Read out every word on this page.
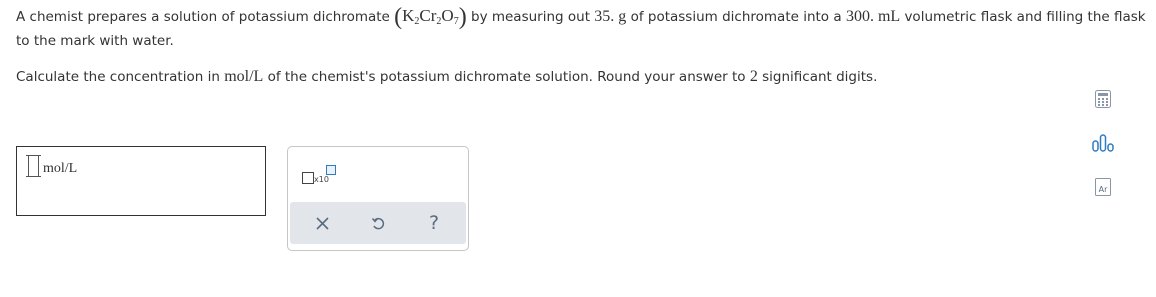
A chemist prepares a solution of potassium dichromate $(K_2Cr_2O_7)$ by measuring out 35. g of potassium dichromate into a 300. mL volumetric flask and filling the flask to the mark with water.

Calculate the concentration in mol/L of the chemist's potassium dichromate solution. Round your answer to 2 significant digits.

mol/L
x10
?
Ar
